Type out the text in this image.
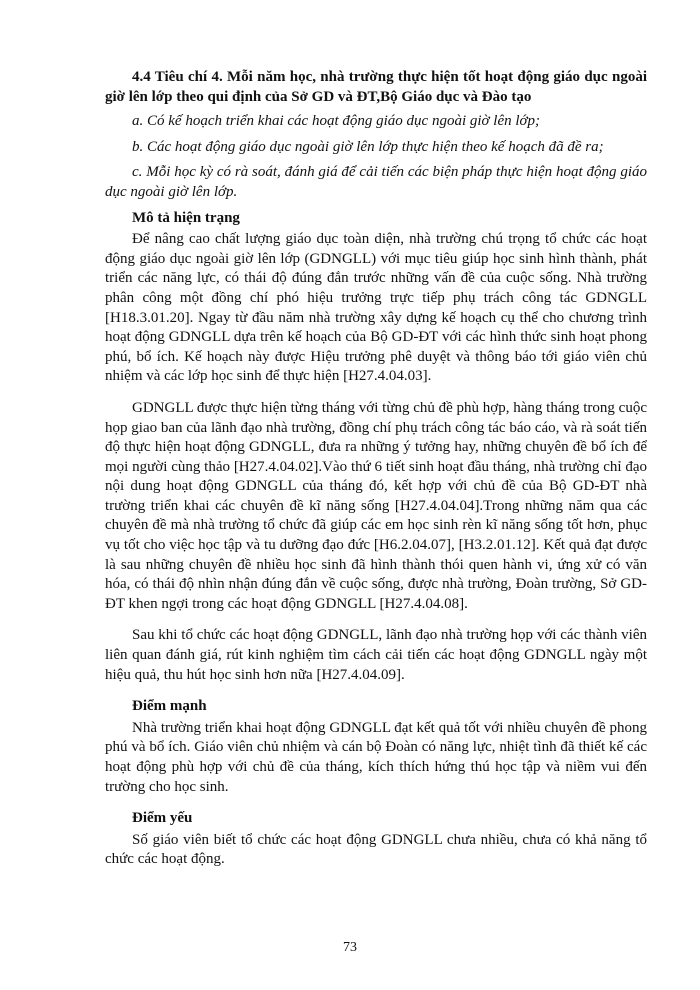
4.4 Tiêu chí 4. Mỗi năm học, nhà trường thực hiện tốt hoạt động giáo dục ngoài giờ lên lớp theo qui định của Sở GD và ĐT,Bộ Giáo dục và Đào tạo

a. Có kế hoạch triển khai các hoạt động giáo dục ngoài giờ lên lớp;

b. Các hoạt động giáo dục ngoài giờ lên lớp thực hiện theo kế hoạch đã đề ra;

c. Mỗi học kỳ có rà soát, đánh giá để cải tiến các biện pháp thực hiện hoạt động giáo dục ngoài giờ lên lớp.

Mô tả hiện trạng

Để nâng cao chất lượng giáo dục toàn diện, nhà trường chú trọng tổ chức các hoạt động giáo dục ngoài giờ lên lớp (GDNGLL) với mục tiêu giúp học sinh hình thành, phát triển các năng lực, có thái độ đúng đắn trước những vấn đề của cuộc sống. Nhà trường phân công một đồng chí phó hiệu trưởng trực tiếp phụ trách công tác GDNGLL [H18.3.01.20]. Ngay từ đầu năm nhà trường xây dựng kế hoạch cụ thể cho chương trình hoạt động GDNGLL dựa trên kế hoạch của Bộ GD-ĐT với các hình thức sinh hoạt phong phú, bổ ích. Kế hoạch này được Hiệu trưởng phê duyệt và thông báo tới giáo viên chủ nhiệm và các lớp học sinh để thực hiện [H27.4.04.03].

GDNGLL được thực hiện từng tháng với từng chủ đề phù hợp, hàng tháng trong cuộc họp giao ban của lãnh đạo nhà trường, đồng chí phụ trách công tác báo cáo, và rà soát tiến độ thực hiện hoạt động GDNGLL, đưa ra những ý tưởng hay, những chuyên đề bổ ích để mọi người cùng thảo [H27.4.04.02].Vào thứ 6 tiết sinh hoạt đầu tháng, nhà trường chỉ đạo nội dung hoạt động GDNGLL của tháng đó, kết hợp với chủ đề của Bộ GD-ĐT nhà trường triển khai các chuyên đề kĩ năng sống [H27.4.04.04].Trong những năm qua các chuyên đề mà nhà trường tổ chức đã giúp các em học sinh rèn kĩ năng sống tốt hơn, phục vụ tốt cho việc học tập và tu dưỡng đạo đức [H6.2.04.07], [H3.2.01.12]. Kết quả đạt được là sau những chuyên đề nhiều học sinh đã hình thành thói quen hành vi, ứng xử có văn hóa, có thái độ nhìn nhận đúng đắn về cuộc sống, được nhà trường, Đoàn trường, Sở GD-ĐT khen ngợi trong các hoạt động GDNGLL [H27.4.04.08].

Sau khi tổ chức các hoạt động GDNGLL, lãnh đạo nhà trường họp với các thành viên liên quan đánh giá, rút kinh nghiệm tìm cách cải tiến các hoạt động GDNGLL ngày một hiệu quả, thu hút học sinh hơn nữa [H27.4.04.09].

Điểm mạnh

Nhà trường triển khai hoạt động GDNGLL đạt kết quả tốt với nhiều chuyên đề phong phú và bổ ích. Giáo viên chủ nhiệm và cán bộ Đoàn có năng lực, nhiệt tình đã thiết kế các hoạt động phù hợp với chủ đề của tháng, kích thích hứng thú học tập và niềm vui đến trường cho học sinh.

Điểm yếu

Số giáo viên biết tổ chức các hoạt động GDNGLL chưa nhiều, chưa có khả năng tổ chức các hoạt động.

73
